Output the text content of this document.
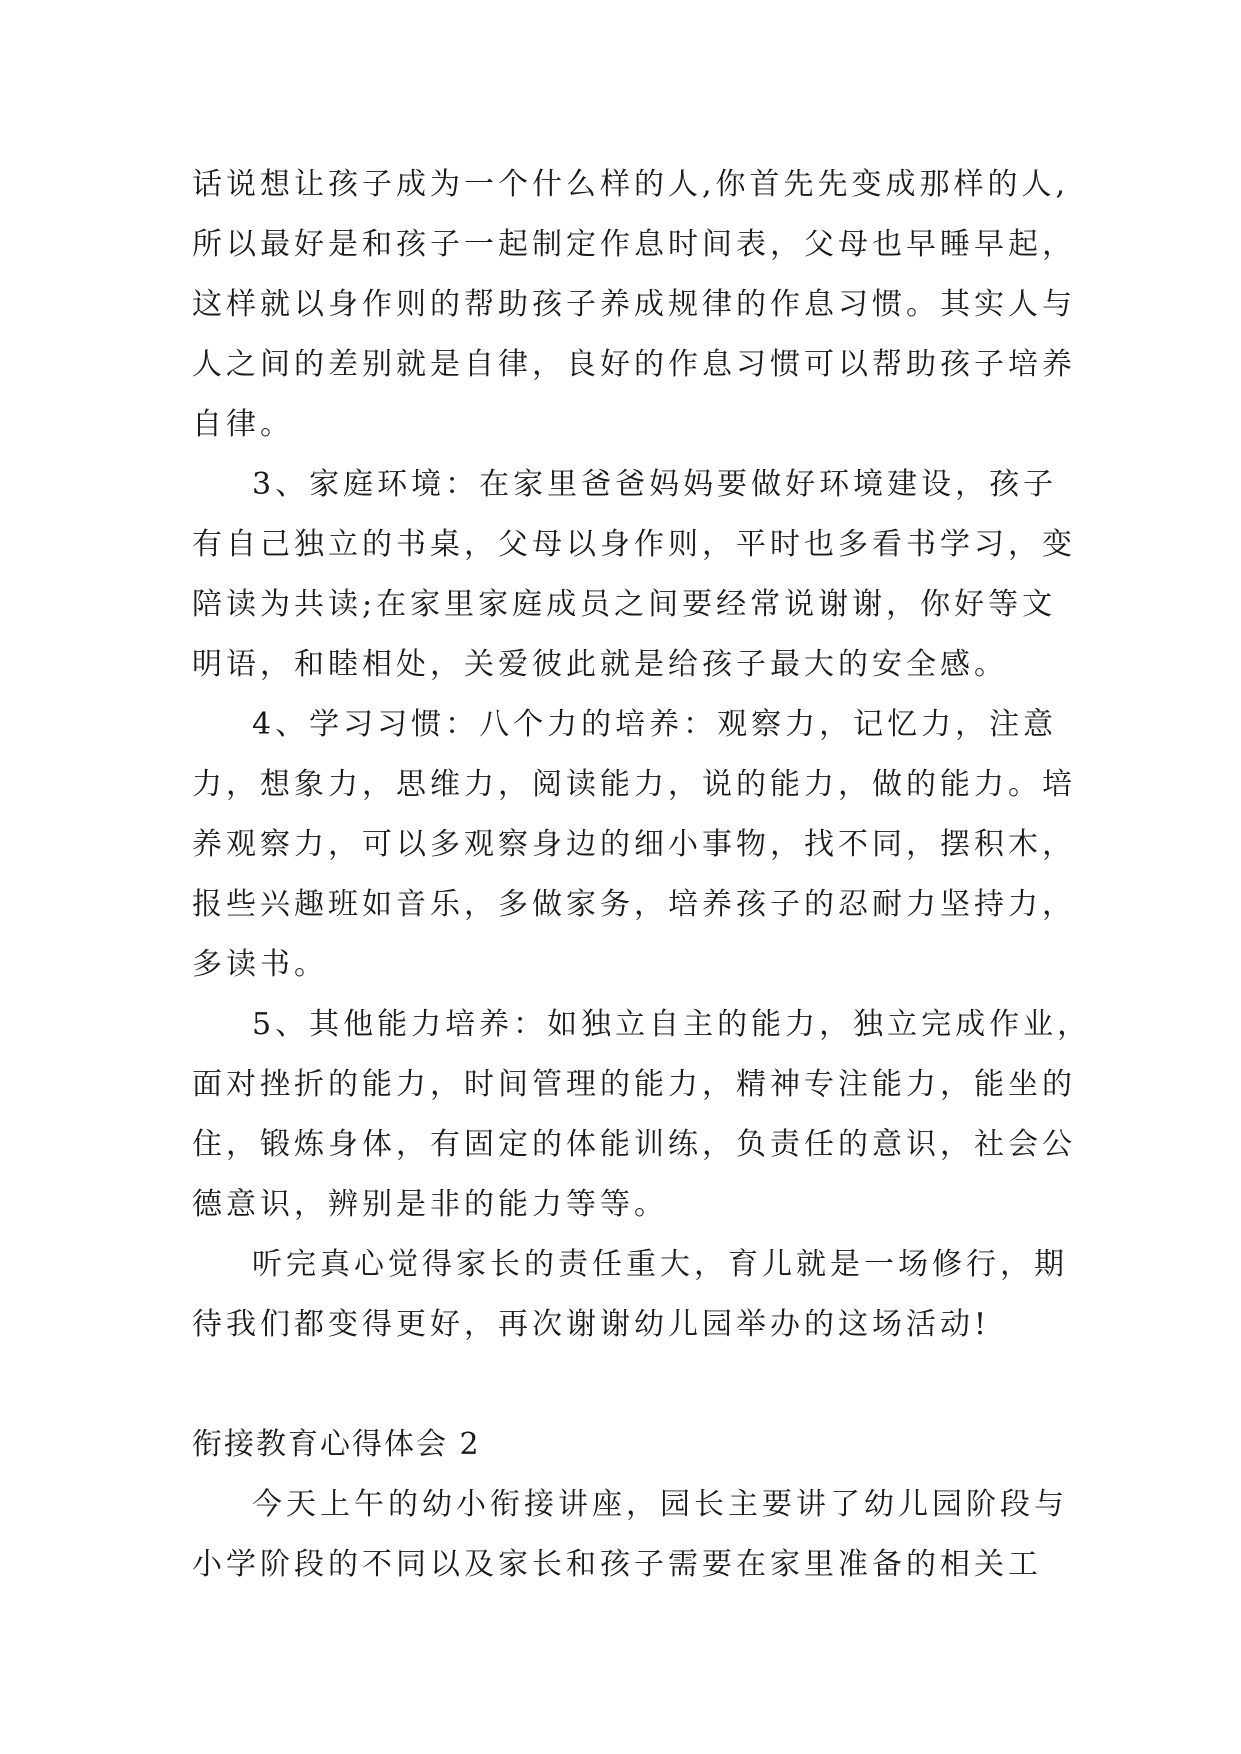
话说想让孩子成为一个什么样的人,你首先先变成那样的人,
所以最好是和孩子一起制定作息时间表，父母也早睡早起，
这样就以身作则的帮助孩子养成规律的作息习惯。其实人与
人之间的差别就是自律，良好的作息习惯可以帮助孩子培养
自律。
3、家庭环境：在家里爸爸妈妈要做好环境建设，孩子
有自己独立的书桌，父母以身作则，平时也多看书学习，变
陪读为共读;在家里家庭成员之间要经常说谢谢，你好等文
明语，和睦相处，关爱彼此就是给孩子最大的安全感。
4、学习习惯：八个力的培养：观察力，记忆力，注意
力，想象力，思维力，阅读能力，说的能力，做的能力。培
养观察力，可以多观察身边的细小事物，找不同，摆积木，
报些兴趣班如音乐，多做家务，培养孩子的忍耐力坚持力，
多读书。
5、其他能力培养：如独立自主的能力，独立完成作业，
面对挫折的能力，时间管理的能力，精神专注能力，能坐的
住，锻炼身体，有固定的体能训练，负责任的意识，社会公
德意识，辨别是非的能力等等。
听完真心觉得家长的责任重大，育儿就是一场修行，期
待我们都变得更好，再次谢谢幼儿园举办的这场活动!
衔接教育心得体会 2
今天上午的幼小衔接讲座，园长主要讲了幼儿园阶段与
小学阶段的不同以及家长和孩子需要在家里准备的相关工
